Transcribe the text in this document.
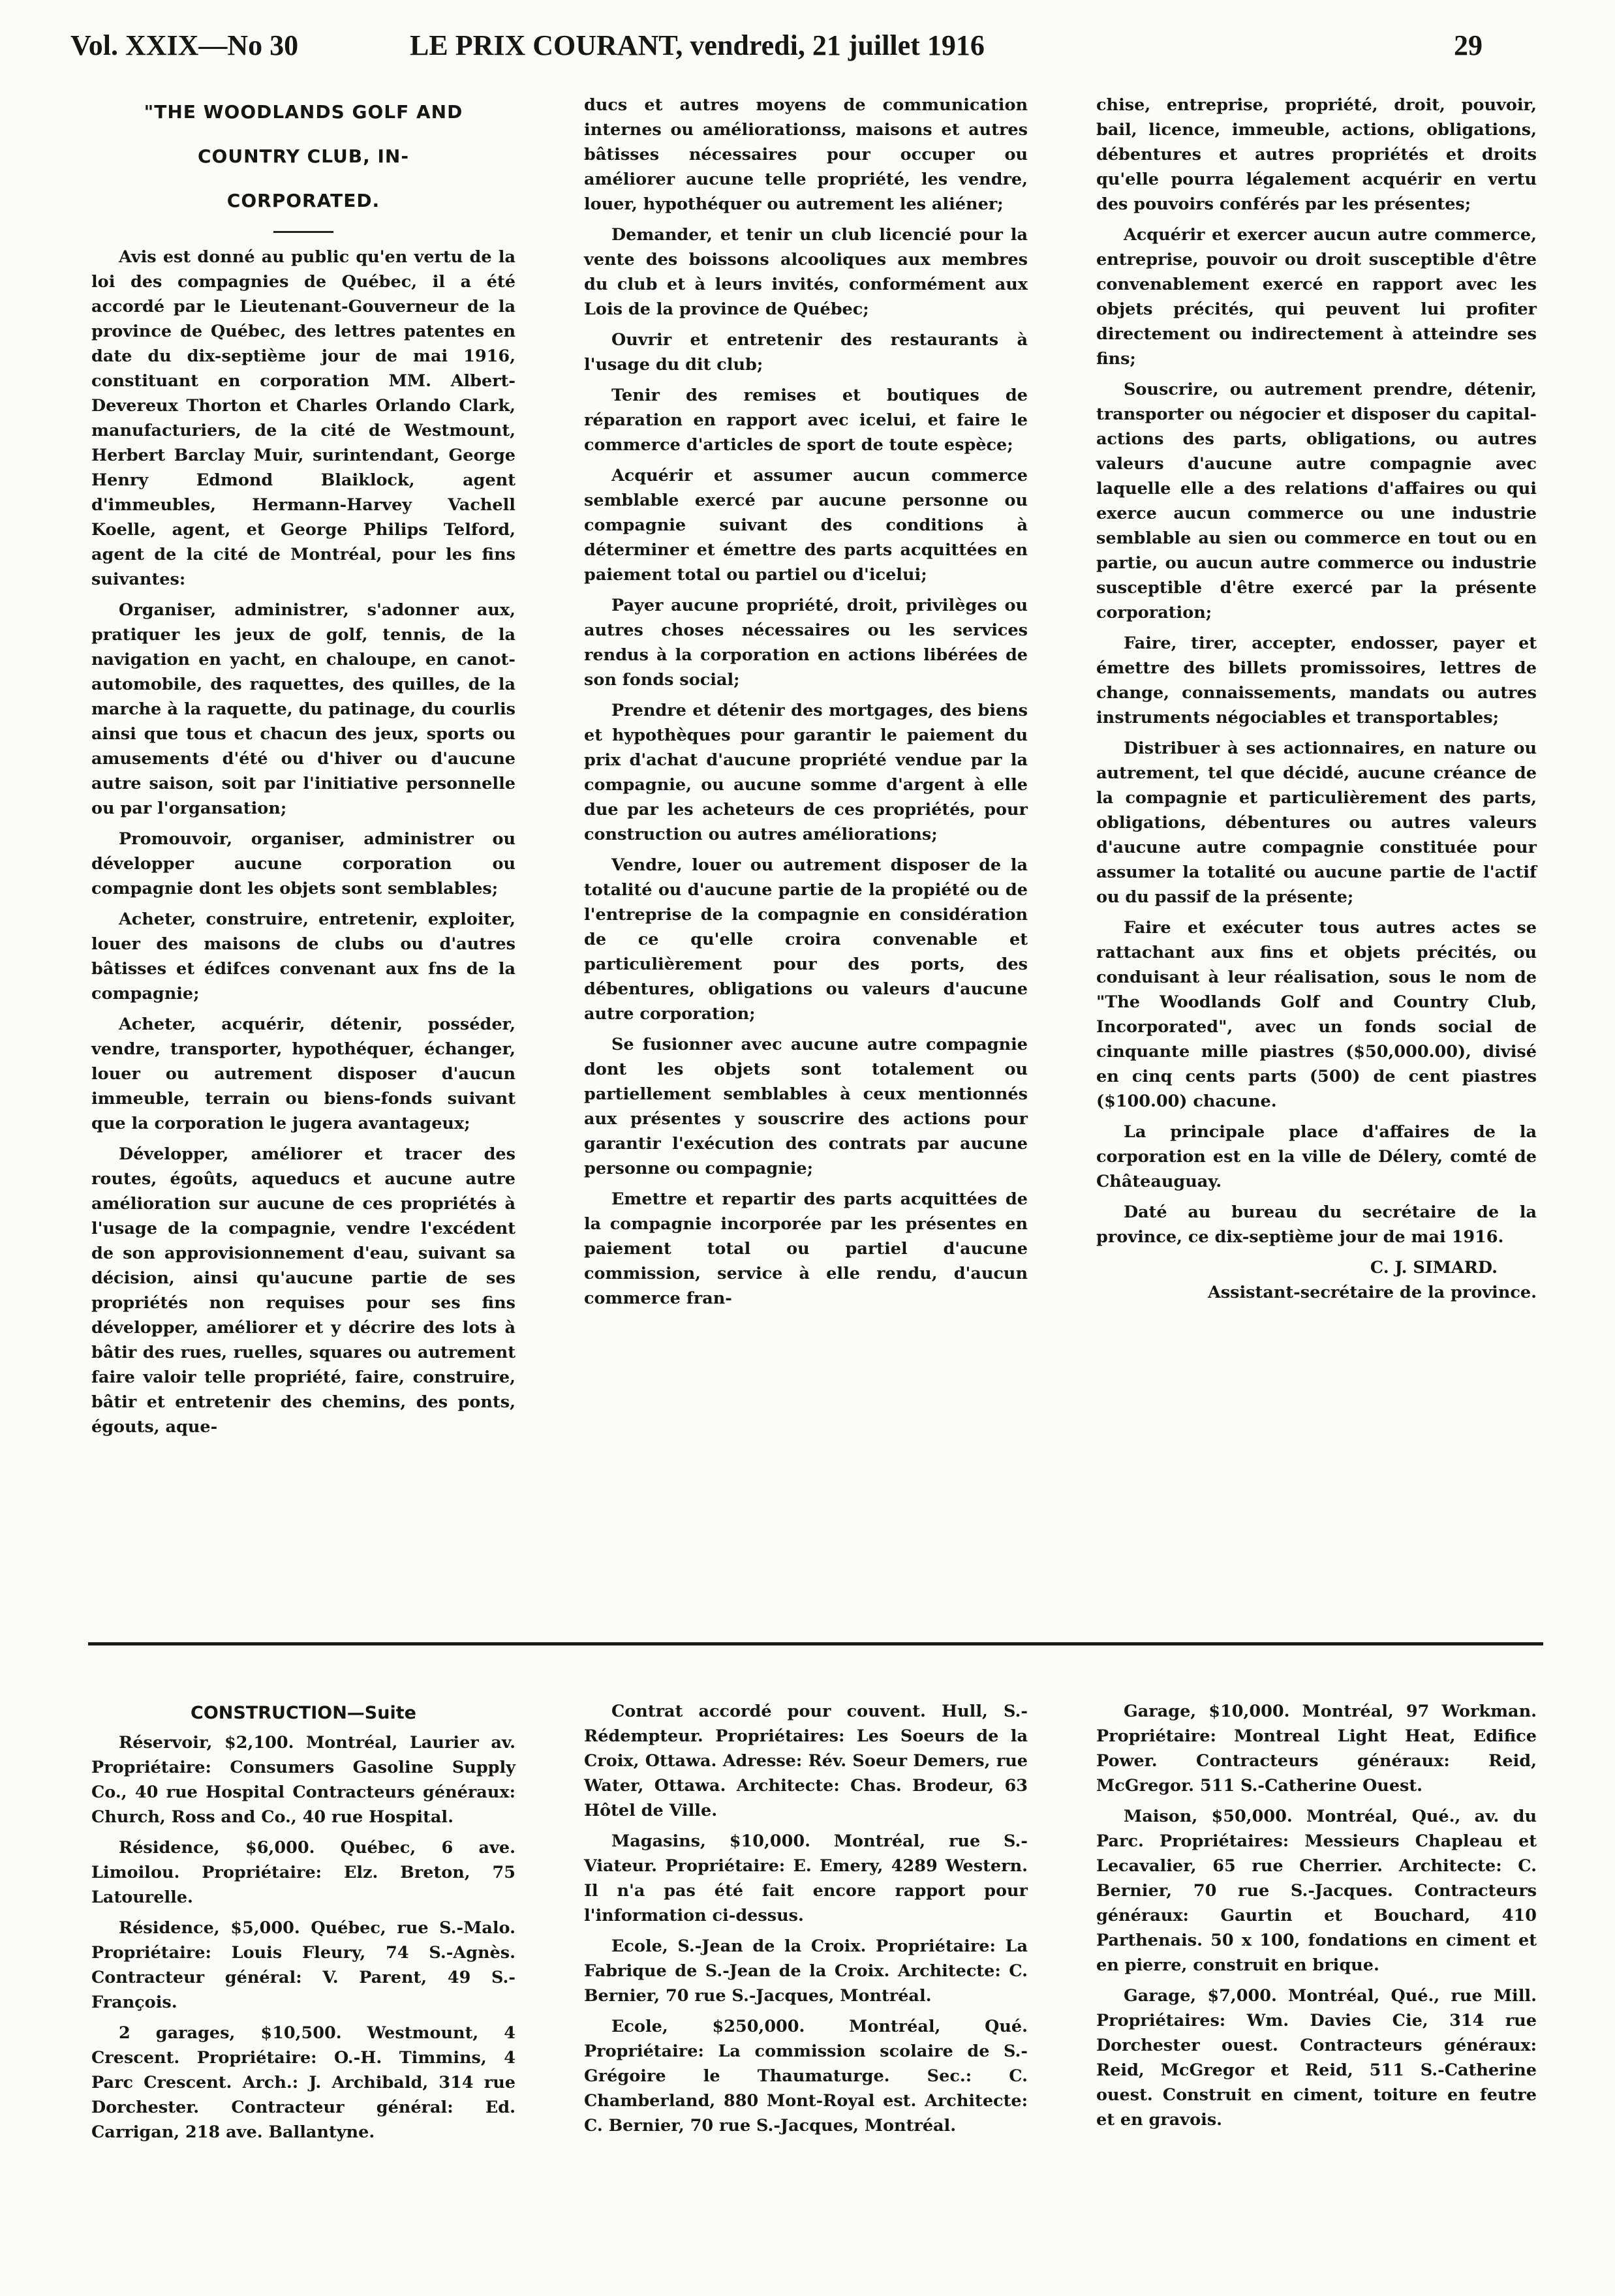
Vol. XXIX—No 30	LE PRIX COURANT, vendredi, 21 juillet 1916	29
"THE WOODLANDS GOLF AND
COUNTRY CLUB, IN-
CORPORATED.

Avis est donné au public qu'en vertu de la loi des compagnies de Québec, il a été accordé par le Lieutenant-Gouverneur de la province de Québec, des lettres patentes en date du dix-septième jour de mai 1916, constituant en corporation MM. Albert-Devereux Thorton et Charles Orlando Clark, manufacturiers, de la cité de Westmount, Herbert Barclay Muir, surintendant, George Henry Edmond Blaiklock, agent d'immeubles, Hermann-Harvey Vachell Koelle, agent, et George Philips Telford, agent de la cité de Montréal, pour les fins suivantes:

Organiser, administrer, s'adonner aux, pratiquer les jeux de golf, tennis, de la navigation en yacht, en chaloupe, en canot-automobile, des raquettes, des quilles, de la marche à la raquette, du patinage, du courlis ainsi que tous et chacun des jeux, sports ou amusements d'été ou d'hiver ou d'aucune autre saison, soit par l'initiative personnelle ou par l'organsation;

Promouvoir, organiser, administrer ou développer aucune corporation ou compagnie dont les objets sont semblables;

Acheter, construire, entretenir, exploiter, louer des maisons de clubs ou d'autres bâtisses et édifces convenant aux fns de la compagnie;

Acheter, acquérir, détenir, posséder, vendre, transporter, hypothéquer, échanger, louer ou autrement disposer d'aucun immeuble, terrain ou biens-fonds suivant que la corporation le jugera avantageux;

Développer, améliorer et tracer des routes, égoûts, aqueducs et aucune autre amélioration sur aucune de ces propriétés à l'usage de la compagnie, vendre l'excédent de son approvisionnement d'eau, suivant sa décision, ainsi qu'aucune partie de ses propriétés non requises pour ses fins développer, améliorer et y décrire des lots à bâtir des rues, ruelles, squares ou autrement faire valoir telle propriété, faire, construire, bâtir et entretenir des chemins, des ponts, égouts, aque-

ducs et autres moyens de communication internes ou améliorationss, maisons et autres bâtisses nécessaires pour occuper ou améliorer aucune telle propriété, les vendre, louer, hypothéquer ou autrement les aliéner;

Demander, et tenir un club licencié pour la vente des boissons alcooliques aux membres du club et à leurs invités, conformément aux Lois de la province de Québec;

Ouvrir et entretenir des restaurants à l'usage du dit club;

Tenir des remises et boutiques de réparation en rapport avec icelui, et faire le commerce d'articles de sport de toute espèce;

Acquérir et assumer aucun commerce semblable exercé par aucune personne ou compagnie suivant des conditions à déterminer et émettre des parts acquittées en paiement total ou partiel ou d'icelui;

Payer aucune propriété, droit, privilèges ou autres choses nécessaires ou les services rendus à la corporation en actions libérées de son fonds social;

Prendre et détenir des mortgages, des biens et hypothèques pour garantir le paiement du prix d'achat d'aucune propriété vendue par la compagnie, ou aucune somme d'argent à elle due par les acheteurs de ces propriétés, pour construction ou autres améliorations;

Vendre, louer ou autrement disposer de la totalité ou d'aucune partie de la propiété ou de l'entreprise de la compagnie en considération de ce qu'elle croira convenable et particulièrement pour des ports, des débentures, obligations ou valeurs d'aucune autre corporation;

Se fusionner avec aucune autre compagnie dont les objets sont totalement ou partiellement semblables à ceux mentionnés aux présentes y souscrire des actions pour garantir l'exécution des contrats par aucune personne ou compagnie;

Emettre et repartir des parts acquittées de la compagnie incorporée par les présentes en paiement total ou partiel d'aucune commission, service à elle rendu, d'aucun commerce fran-

chise, entreprise, propriété, droit, pouvoir, bail, licence, immeuble, actions, obligations, débentures et autres propriétés et droits qu'elle pourra légalement acquérir en vertu des pouvoirs conférés par les présentes;

Acquérir et exercer aucun autre commerce, entreprise, pouvoir ou droit susceptible d'être convenablement exercé en rapport avec les objets précités, qui peuvent lui profiter directement ou indirectement à atteindre ses fins;

Souscrire, ou autrement prendre, détenir, transporter ou négocier et disposer du capital-actions des parts, obligations, ou autres valeurs d'aucune autre compagnie avec laquelle elle a des relations d'affaires ou qui exerce aucun commerce ou une industrie semblable au sien ou commerce en tout ou en partie, ou aucun autre commerce ou industrie susceptible d'être exercé par la présente corporation;

Faire, tirer, accepter, endosser, payer et émettre des billets promissoires, lettres de change, connaissements, mandats ou autres instruments négociables et transportables;

Distribuer à ses actionnaires, en nature ou autrement, tel que décidé, aucune créance de la compagnie et particulièrement des parts, obligations, débentures ou autres valeurs d'aucune autre compagnie constituée pour assumer la totalité ou aucune partie de l'actif ou du passif de la présente;

Faire et exécuter tous autres actes se rattachant aux fins et objets précités, ou conduisant à leur réalisation, sous le nom de "The Woodlands Golf and Country Club, Incorporated", avec un fonds social de cinquante mille piastres ($50,000.00), divisé en cinq cents parts (500) de cent piastres ($100.00) chacune.

La principale place d'affaires de la corporation est en la ville de Délery, comté de Châteauguay.

Daté au bureau du secrétaire de la province, ce dix-septième jour de mai 1916.

C. J. SIMARD.
Assistant-secrétaire de la province.
CONSTRUCTION—Suite

Réservoir, $2,100. Montréal, Laurier av. Propriétaire: Consumers Gasoline Supply Co., 40 rue Hospital Contracteurs généraux: Church, Ross and Co., 40 rue Hospital.

Résidence, $6,000. Québec, 6 ave. Limoilou. Propriétaire: Elz. Breton, 75 Latourelle.

Résidence, $5,000. Québec, rue S.-Malo. Propriétaire: Louis Fleury, 74 S.-Agnès. Contracteur général: V. Parent, 49 S.-François.

2 garages, $10,500. Westmount, 4 Crescent. Propriétaire: O.-H. Timmins, 4 Parc Crescent. Arch.: J. Archibald, 314 rue Dorchester. Contracteur général: Ed. Carrigan, 218 ave. Ballantyne.

Contrat accordé pour couvent. Hull, S.-Rédempteur. Propriétaires: Les Soeurs de la Croix, Ottawa. Adresse: Rév. Soeur Demers, rue Water, Ottawa. Architecte: Chas. Brodeur, 63 Hôtel de Ville.

Magasins, $10,000. Montréal, rue S.-Viateur. Propriétaire: E. Emery, 4289 Western. Il n'a pas été fait encore rapport pour l'information ci-dessus.

Ecole, S.-Jean de la Croix. Propriétaire: La Fabrique de S.-Jean de la Croix. Architecte: C. Bernier, 70 rue S.-Jacques, Montréal.

Ecole, $250,000. Montréal, Qué. Propriétaire: La commission scolaire de S.-Grégoire le Thaumaturge. Sec.: C. Chamberland, 880 Mont-Royal est. Architecte: C. Bernier, 70 rue S.-Jacques, Montréal.

Garage, $10,000. Montréal, 97 Workman. Propriétaire: Montreal Light Heat, Edifice Power. Contracteurs généraux: Reid, McGregor. 511 S.-Catherine Ouest.

Maison, $50,000. Montréal, Qué., av. du Parc. Propriétaires: Messieurs Chapleau et Lecavalier, 65 rue Cherrier. Architecte: C. Bernier, 70 rue S.-Jacques. Contracteurs généraux: Gaurtin et Bouchard, 410 Parthenais. 50 x 100, fondations en ciment et en pierre, construit en brique.

Garage, $7,000. Montréal, Qué., rue Mill. Propriétaires: Wm. Davies Cie, 314 rue Dorchester ouest. Contracteurs généraux: Reid, McGregor et Reid, 511 S.-Catherine ouest. Construit en ciment, toiture en feutre et en gravois.
